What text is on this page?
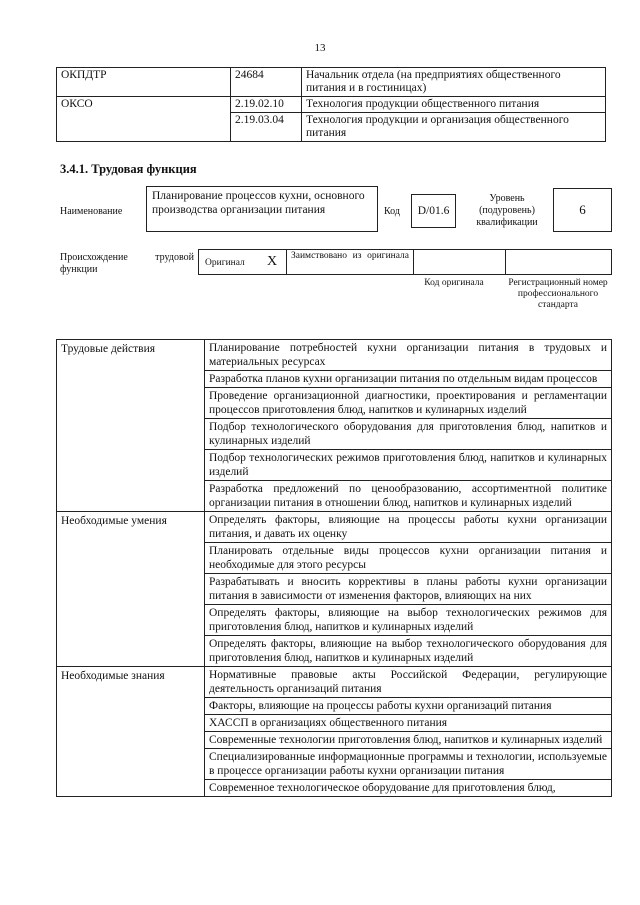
13
ОКПДТР	24684	Начальник отдела (на предприятиях общественного питания и в гостиницах)
ОКСО	2.19.02.10	Технология продукции общественного питания
	2.19.03.04	Технология продукции и организация общественного питания
3.4.1. Трудовая функция
Наименование
Планирование процессов кухни, основного производства организации питания	Код	D/01.6
Уровень (подуровень) квалификации
6
Происхождение трудовой функции
Оригинал X Заимствовано из оригинала
Код оригинала	Регистрационный номер профессионального стандарта
Трудовые действия	Планирование потребностей кухни организации питания в трудовых и материальных ресурсах
	Разработка планов кухни организации питания по отдельным видам процессов
	Проведение организационной диагностики, проектирования и регламентации процессов приготовления блюд, напитков и кулинарных изделий
	Подбор технологического оборудования для приготовления блюд, напитков и кулинарных изделий
	Подбор технологических режимов приготовления блюд, напитков и кулинарных изделий
	Разработка предложений по ценообразованию, ассортиментной политике организации питания в отношении блюд, напитков и кулинарных изделий
Необходимые умения	Определять факторы, влияющие на процессы работы кухни организации питания, и давать их оценку
	Планировать отдельные виды процессов кухни организации питания и необходимые для этого ресурсы
	Разрабатывать и вносить коррективы в планы работы кухни организации питания в зависимости от изменения факторов, влияющих на них
	Определять факторы, влияющие на выбор технологических режимов для приготовления блюд, напитков и кулинарных изделий
	Определять факторы, влияющие на выбор технологического оборудования для приготовления блюд, напитков и кулинарных изделий
Необходимые знания	Нормативные правовые акты Российской Федерации, регулирующие деятельность организаций питания
	Факторы, влияющие на процессы работы кухни организаций питания
	ХАССП в организациях общественного питания
	Современные технологии приготовления блюд, напитков и кулинарных изделий
	Специализированные информационные программы и технологии, используемые в процессе организации работы кухни организации питания
	Современное технологическое оборудование для приготовления блюд,
